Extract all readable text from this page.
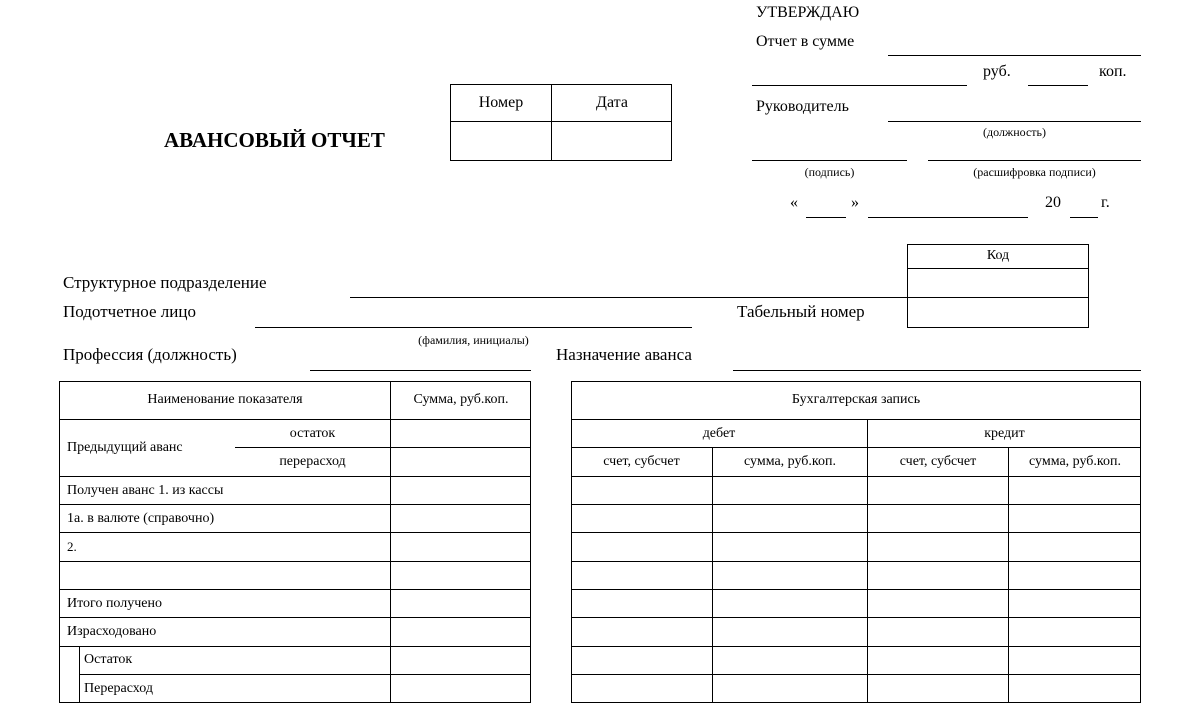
АВАНСОВЫЙ ОТЧЕТ
Номер	Дата
УТВЕРЖДАЮ
Отчет в сумме
руб.	коп.
Руководитель
(должность)
(подпись)	(расшифровка подписи)
«	»	20	г.
Код
Структурное подразделение
Подотчетное лицо
(фамилия, инициалы)
Табельный номер
Профессия (должность)	Назначение аванса
Наименование показателя	Сумма, руб.коп.
Предыдущий аванс
остаток
перерасход
Получен аванс 1. из кассы
1а. в валюте (справочно)
2.
Итого получено
Израсходовано
Остаток
Перерасход
Бухгалтерская запись
дебет	кредит
счет, субсчет	сумма, руб.коп.	счет, субсчет	сумма, руб.коп.
